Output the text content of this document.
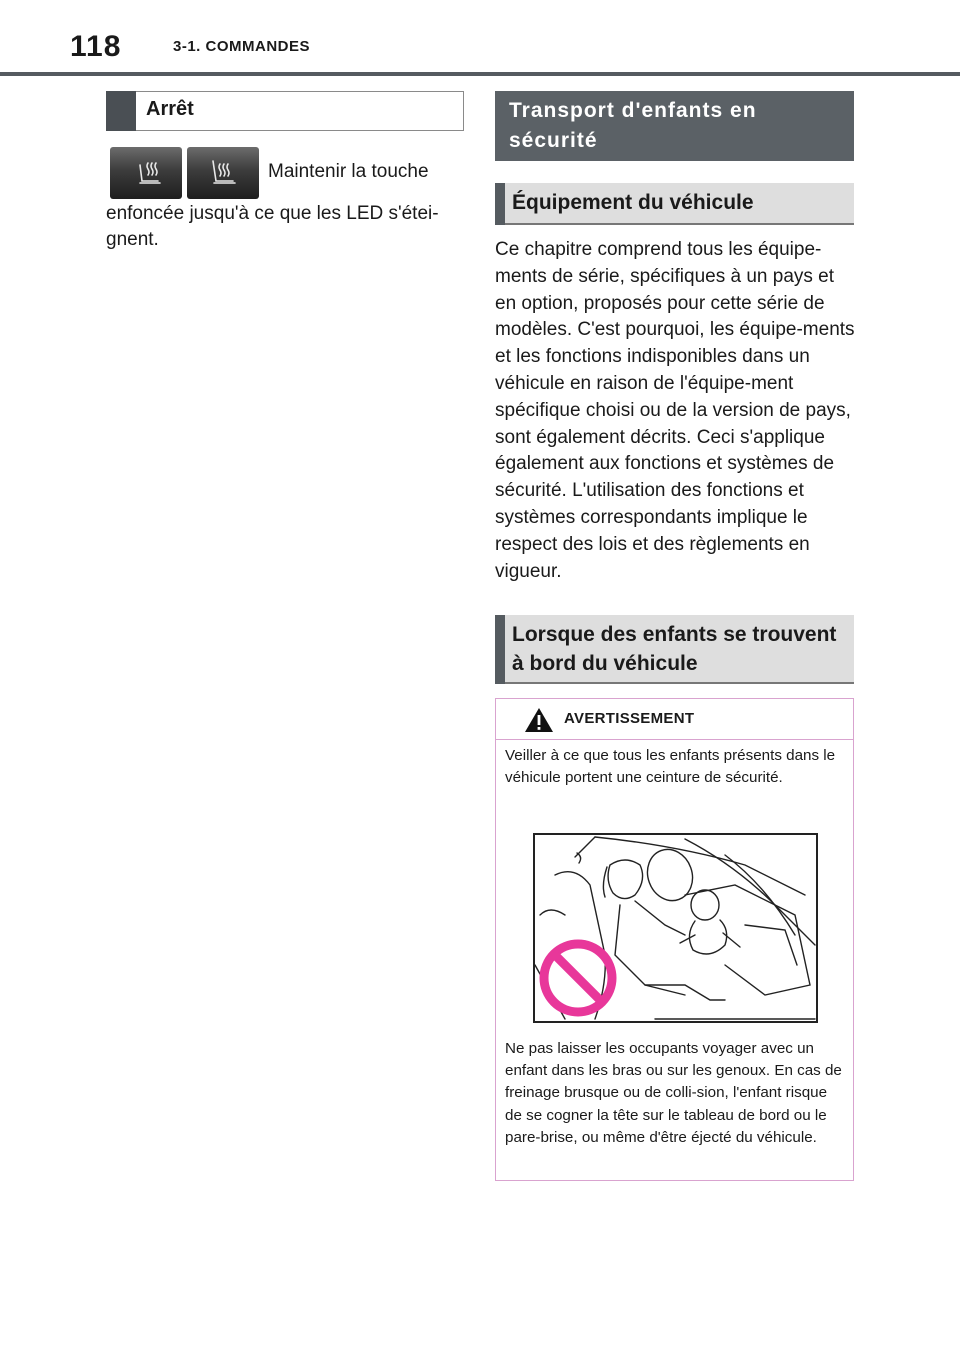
118	3-1. COMMANDES
Arrêt
Maintenir la touche
enfoncée jusqu'à ce que les LED s'étei-gnent.
Transport d'enfants en sécurité
Équipement du véhicule
Ce chapitre comprend tous les équipe-ments de série, spécifiques à un pays et en option, proposés pour cette série de modèles. C'est pourquoi, les équipe-ments et les fonctions indisponibles dans un véhicule en raison de l'équipe-ment spécifique choisi ou de la version de pays, sont également décrits. Ceci s'applique également aux fonctions et systèmes de sécurité. L'utilisation des fonctions et systèmes correspondants implique le respect des lois et des règlements en vigueur.
Lorsque des enfants se trouvent à bord du véhicule
AVERTISSEMENT
Veiller à ce que tous les enfants présents dans le véhicule portent une ceinture de sécurité.
Ne pas laisser les occupants voyager avec un enfant dans les bras ou sur les genoux. En cas de freinage brusque ou de colli-sion, l'enfant risque de se cogner la tête sur le tableau de bord ou le pare-brise, ou même d'être éjecté du véhicule.
